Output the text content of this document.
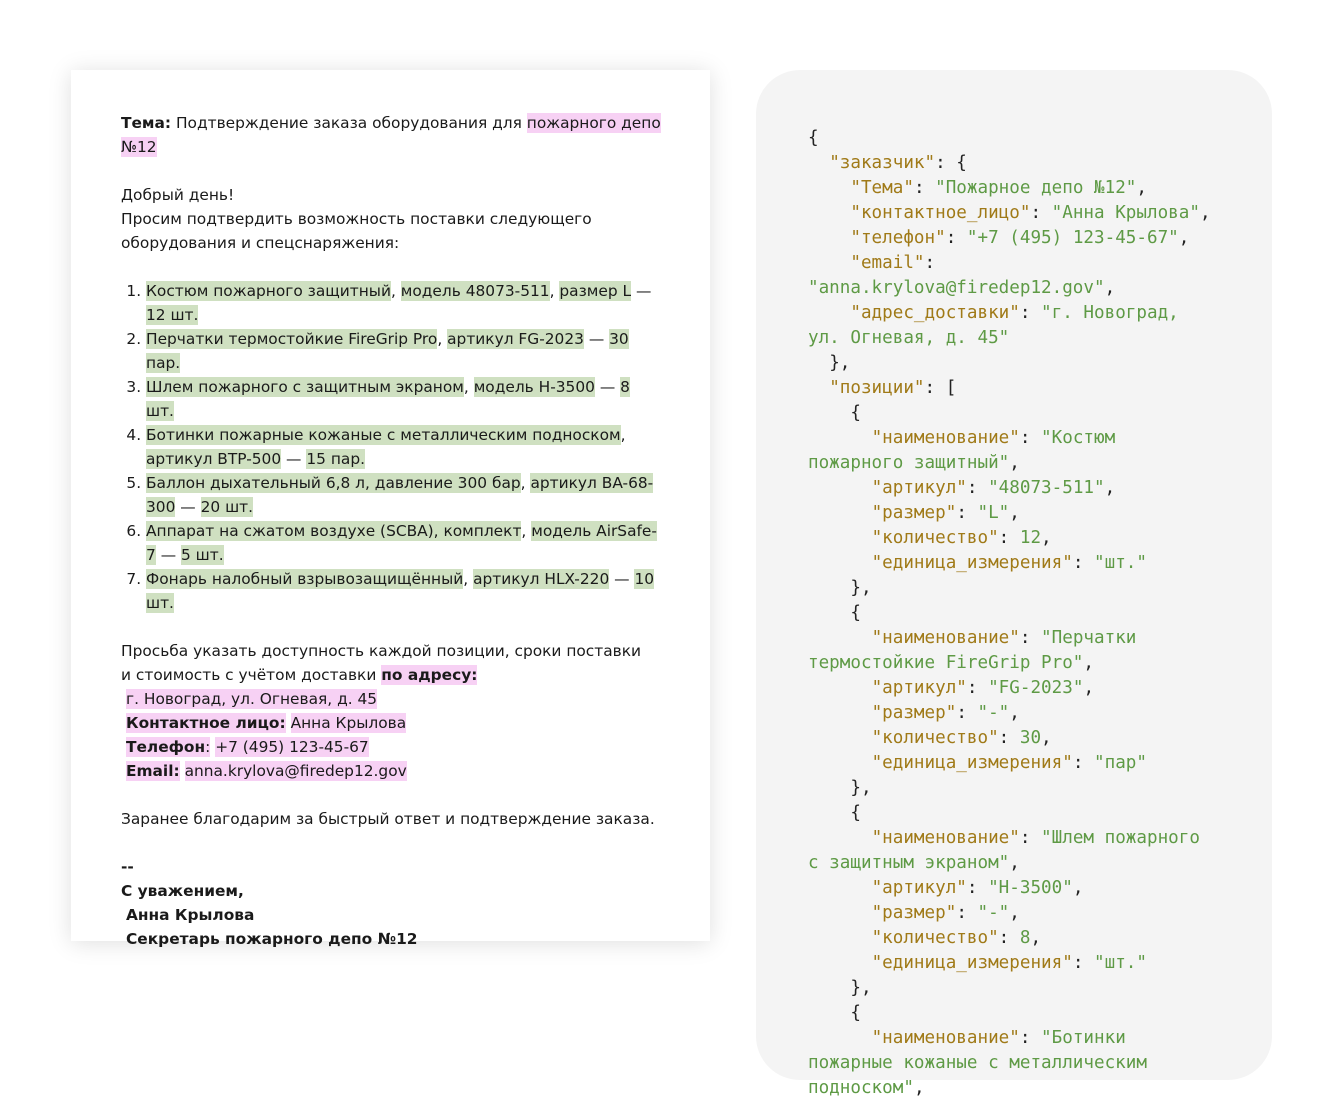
Тема: Подтверждение заказа оборудования для пожарного депо №12

Добрый день!

Просим подтвердить возможность поставки следующего оборудования и спецснаряжения:

1. Костюм пожарного защитный, модель 48073-511, размер L — 12 шт.
2. Перчатки термостойкие FireGrip Pro, артикул FG-2023 — 30 пар.
3. Шлем пожарного с защитным экраном, модель H-3500 — 8 шт.
4. Ботинки пожарные кожаные с металлическим подноском, артикул BTP-500 — 15 пар.
5. Баллон дыхательный 6,8 л, давление 300 бар, артикул BA-68-300 — 20 шт.
6. Аппарат на сжатом воздухе (SCBA), комплект, модель AirSafe-7 — 5 шт.
7. Фонарь налобный взрывозащищённый, артикул HLX-220 — 10 шт.

Просьба указать доступность каждой позиции, сроки поставки и стоимость с учётом доставки по адресу:

г. Новоград, ул. Огневая, д. 45

Контактное лицо: Анна Крылова

Телефон: +7 (495) 123-45-67

Email: anna.krylova@firedep12.gov

Заранее благодарим за быстрый ответ и подтверждение заказа.

--

С уважением,

Анна Крылова

Секретарь пожарного депо №12

{
"заказчик": {
"Тема": "Пожарное депо №12",
"контактное_лицо": "Анна Крылова",
"телефон": "+7 (495) 123-45-67",
"email": "anna.krylova@firedep12.gov",
"адрес_доставки": "г. Новоград, ул. Огневая, д. 45"
},
"позиции": [
{
"наименование": "Костюм пожарного защитный",
"артикул": "48073-511",
"размер": "L",
"количество": 12,
"единица_измерения": "шт."
},
{
"наименование": "Перчатки термостойкие FireGrip Pro",
"артикул": "FG-2023",
"размер": "-",
"количество": 30,
"единица_измерения": "пар"
},
{
"наименование": "Шлем пожарного с защитным экраном",
"артикул": "H-3500",
"размер": "-",
"количество": 8,
"единица_измерения": "шт."
},
{
"наименование": "Ботинки пожарные кожаные с металлическим подноском",
